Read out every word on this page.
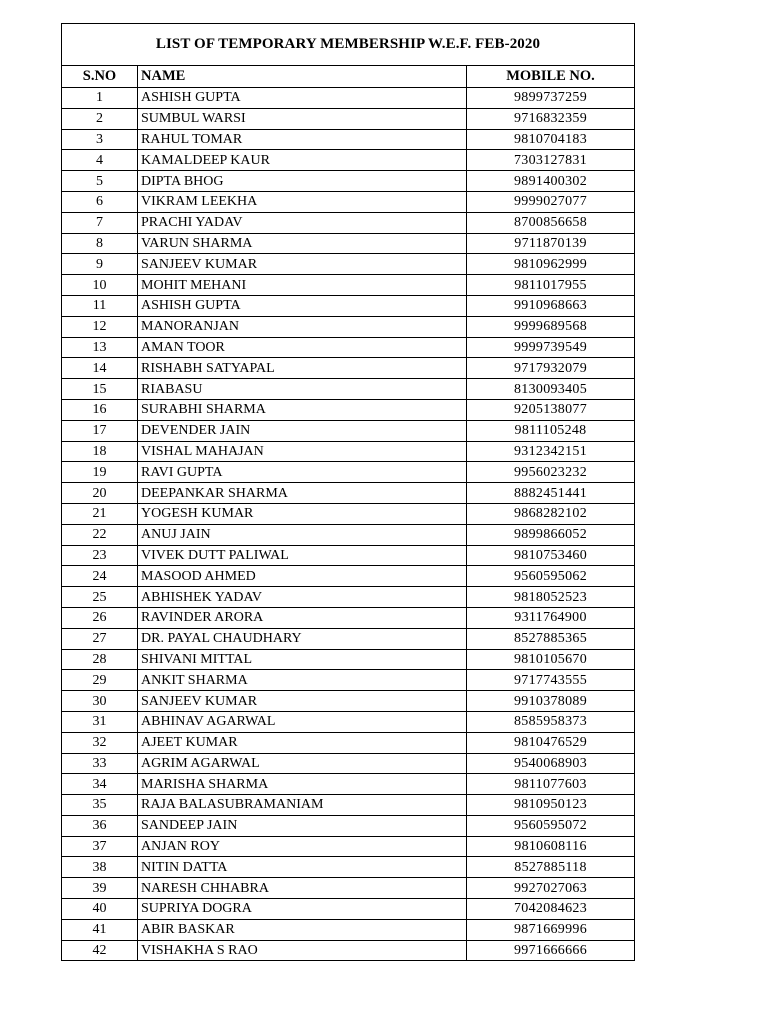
LIST OF TEMPORARY MEMBERSHIP W.E.F. FEB-2020		
S.NO	NAME	MOBILE NO.
1	ASHISH GUPTA	9899737259
2	SUMBUL WARSI	9716832359
3	RAHUL TOMAR	9810704183
4	KAMALDEEP KAUR	7303127831
5	DIPTA BHOG	9891400302
6	VIKRAM LEEKHA	9999027077
7	PRACHI YADAV	8700856658
8	VARUN SHARMA	9711870139
9	SANJEEV KUMAR	9810962999
10	MOHIT MEHANI	9811017955
11	ASHISH GUPTA	9910968663
12	MANORANJAN	9999689568
13	AMAN TOOR	9999739549
14	RISHABH SATYAPAL	9717932079
15	RIABASU	8130093405
16	SURABHI SHARMA	9205138077
17	DEVENDER JAIN	9811105248
18	VISHAL MAHAJAN	9312342151
19	RAVI GUPTA	9956023232
20	DEEPANKAR SHARMA	8882451441
21	YOGESH KUMAR	9868282102
22	ANUJ JAIN	9899866052
23	VIVEK DUTT PALIWAL	9810753460
24	MASOOD AHMED	9560595062
25	ABHISHEK YADAV	9818052523
26	RAVINDER ARORA	9311764900
27	DR. PAYAL CHAUDHARY	8527885365
28	SHIVANI MITTAL	9810105670
29	ANKIT SHARMA	9717743555
30	SANJEEV KUMAR	9910378089
31	ABHINAV AGARWAL	8585958373
32	AJEET KUMAR	9810476529
33	AGRIM AGARWAL	9540068903
34	MARISHA SHARMA	9811077603
35	RAJA BALASUBRAMANIAM	9810950123
36	SANDEEP JAIN	9560595072
37	ANJAN ROY	9810608116
38	NITIN DATTA	8527885118
39	NARESH CHHABRA	9927027063
40	SUPRIYA DOGRA	7042084623
41	ABIR BASKAR	9871669996
42	VISHAKHA S RAO	9971666666
